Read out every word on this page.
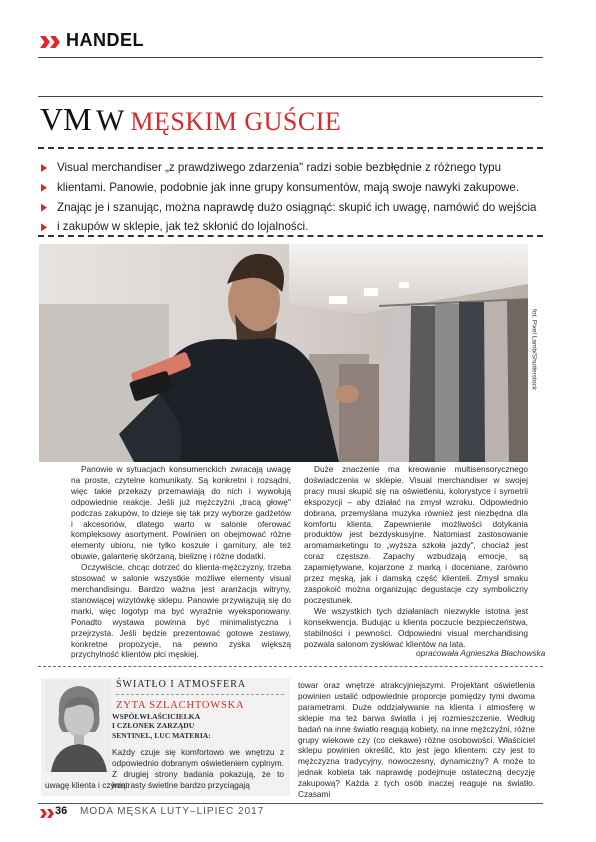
HANDEL
VM W MĘSKIM GUŚCIE
Visual merchandiser „z prawdziwego zdarzenia" radzi sobie bezbłędnie z różnego typu
klientami. Panowie, podobnie jak inne grupy konsumentów, mają swoje nawyki zakupowe.
Znając je i szanując, można naprawdę dużo osiągnąć: skupić ich uwagę, namówić do wejścia
i zakupów w sklepie, jak też skłonić do lojalności.
fot. Pixel Lamb/Shutterstock

Panowie w sytuacjach konsumenckich zwracają uwagę na proste, czytelne komunikaty. Są konkretni i rozsądni, więc takie przekazy przemawiają do nich i wywołują odpowiednie reakcje. Jeśli już mężczyźni „tracą głowę" podczas zakupów, to dzieje się tak przy wyborze gadżetów i akcesoriów, dlatego warto w salonie oferować kompleksowy asortyment. Powinien on obejmować różne elementy ubioru, nie tylko koszule i garnitury, ale też obuwie, galanterię skórzaną, bieliznę i różne dodatki.

Oczywiście, chcąc dotrzeć do klienta-mężczyzny, trzeba stosować w salonie wszystkie możliwe elementy visual merchandisingu. Bardzo ważna jest aranżacja witryny, stanowiącej wizytówkę sklepu. Panowie przywiązują się do marki, więc logotyp ma być wyraźnie wyeksponowany. Ponadto wystawa powinna być minimalistyczna i przejrzysta. Jeśli będzie prezentować gotowe zestawy, konkretne propozycje, na pewno zyska większą przychylność klientów płci męskiej.

Duże znaczenie ma kreowanie multisensorycznego doświadczenia w sklepie. Visual merchandiser w swojej pracy musi skupić się na oświetleniu, kolorystyce i symetrii ekspozycji – aby działać na zmysł wzroku. Odpowiednio dobrana, przemyślana muzyka również jest niezbędna dla komfortu klienta. Zapewnienie możliwości dotykania produktów jest bezdyskusyjne. Natomiast zastosowanie aromamarketingu to „wyższa szkoła jazdy", chociaż jest coraz częstsze. Zapachy wzbudzają emocje, są zapamiętywane, kojarzone z marką i doceniane, zarówno przez męską, jak i damską część klienteli. Zmysł smaku zaspokoić można organizując degustacje czy symboliczny poczęstunek.

We wszystkich tych działaniach niezwykle istotna jest konsekwencja. Budując u klienta poczucie bezpieczeństwa, stabilności i pewności. Odpowiedni visual merchandising pozwala salonom zyskiwać klientów na lata.

opracowała Agnieszka Błachowska
ŚWIATŁO I ATMOSFERA
ZYTA SZLACHTOWSKA
WSPÓŁWŁAŚCICIELKA
I CZŁONEK ZARZĄDU
SENTINEL, LUC MATERIA:
Każdy czuje się komfortowo we wnętrzu z odpowiednio dobranym oświetleniem cyplnym. Z drugiej strony badania pokazują, że to kontrasty świetlne bardzo przyciągają
uwagę klienta i czynią

towar oraz wnętrze atrakcyjniejszymi. Projektant oświetlenia powinien ustalić odpowiednie proporcje pomiędzy tymi dwoma parametrami. Duże oddziaływanie na klienta i atmosferę w sklepie ma też barwa światła i jej rozmieszczenie. Według badań na inne światło reagują kobiety, na inne mężczyźni, różne grupy wiekowe czy (co ciekawe) różne osobowości. Właściciel sklepu powinien określić, kto jest jego klientem: czy jest to mężczyzna tradycyjny, nowoczesny, dynamiczny? A może to jednak kobieta tak naprawdę podejmuje ostateczną decyzję zakupową? Każda z tych osób inaczej reaguje na światło. Czasami

36 MODA MĘSKA LUTY–LIPIEC 2017
